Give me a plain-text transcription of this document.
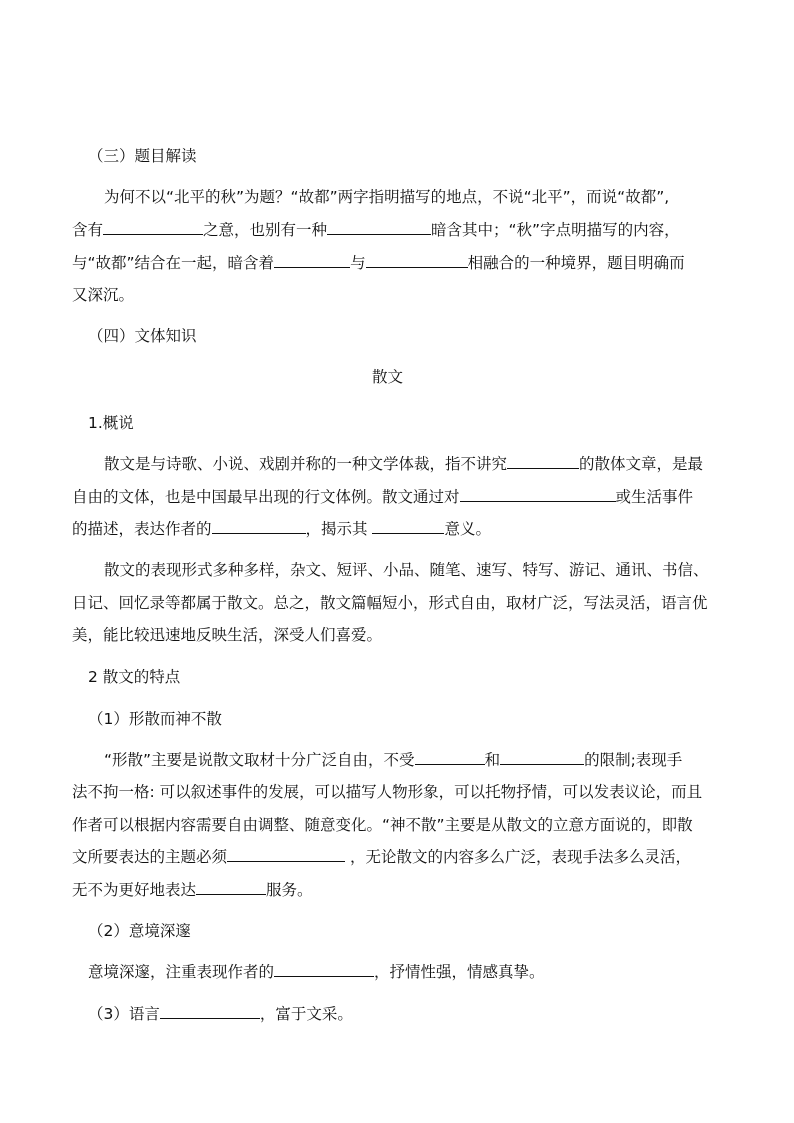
（三）题目解读
为何不以“北平的秋”为题？“故都”两字指明描写的地点，不说“北平”，而说“故都”,
含有	之意，也别有一种	暗含其中；“秋”字点明描写的内容，
与“故都”结合在一起，暗含着	与	相融合的一种境界，题目明确而
又深沉。
（四）文体知识
散文
1.概说
散文是与诗歌、小说、戏剧并称的一种文学体裁，指不讲究	的散体文章，是最
自由的文体，也是中国最早出现的行文体例。散文通过对	或生活事件
的描述，表达作者的	，揭示其	意义。
散文的表现形式多种多样，杂文、短评、小品、随笔、速写、特写、游记、通讯、书信、
日记、回忆录等都属于散文。总之，散文篇幅短小，形式自由，取材广泛，写法灵活，语言优
美，能比较迅速地反映生活，深受人们喜爱。
2 散文的特点
（1）形散而神不散
“形散”主要是说散文取材十分广泛自由，不受	和	的限制;表现手
法不拘一格: 可以叙述事件的发展，可以描写人物形象，可以托物抒情，可以发表议论，而且
作者可以根据内容需要自由调整、随意变化。“神不散”主要是从散文的立意方面说的，即散
文所要表达的主题必须	，无论散文的内容多么广泛，表现手法多么灵活，
无不为更好地表达	服务。
（2）意境深邃
意境深邃，注重表现作者的	，抒情性强，情感真挚。
（3）语言	，富于文采。
